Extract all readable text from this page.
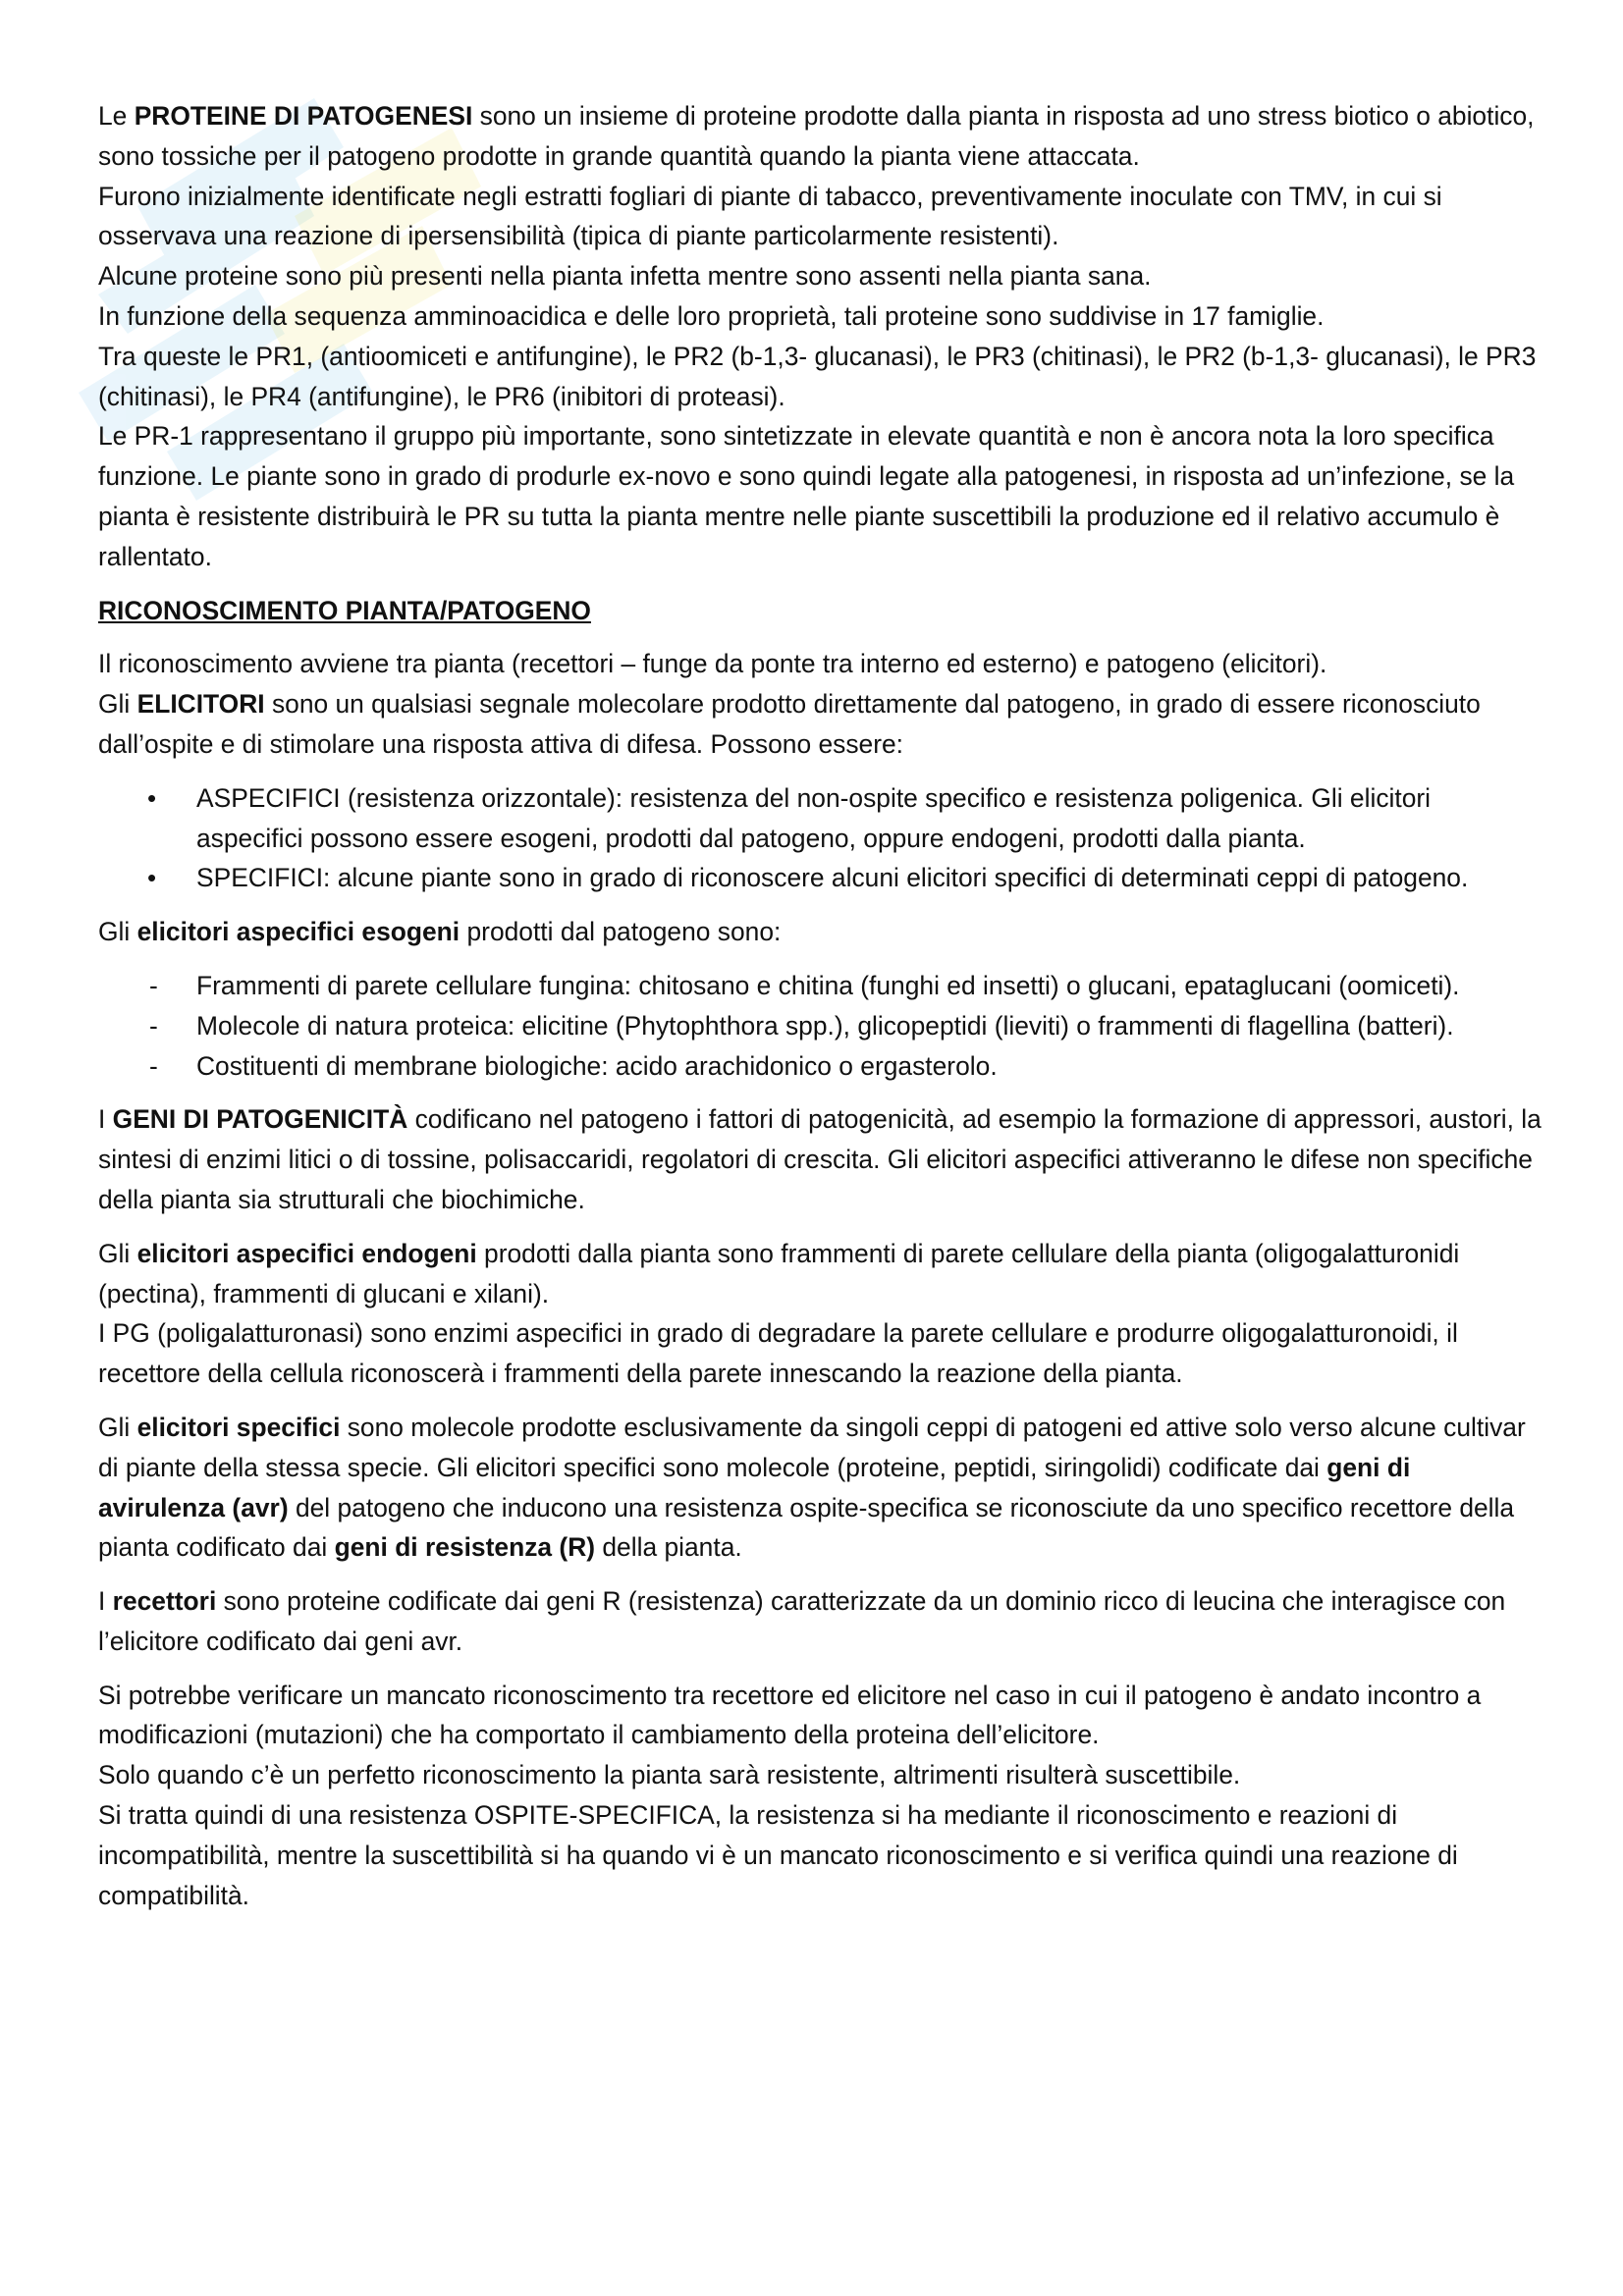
Le PROTEINE DI PATOGENESI sono un insieme di proteine prodotte dalla pianta in risposta ad uno stress biotico o abiotico, sono tossiche per il patogeno prodotte in grande quantità quando la pianta viene attaccata.

Furono inizialmente identificate negli estratti fogliari di piante di tabacco, preventivamente inoculate con TMV, in cui si osservava una reazione di ipersensibilità (tipica di piante particolarmente resistenti).

Alcune proteine sono più presenti nella pianta infetta mentre sono assenti nella pianta sana.

In funzione della sequenza amminoacidica e delle loro proprietà, tali proteine sono suddivise in 17 famiglie.

Tra queste le PR1, (antioomiceti e antifungine), le PR2 (b-1,3- glucanasi), le PR3 (chitinasi), le PR2 (b-1,3- glucanasi), le PR3 (chitinasi), le PR4 (antifungine), le PR6 (inibitori di proteasi).

Le PR-1 rappresentano il gruppo più importante, sono sintetizzate in elevate quantità e non è ancora nota la loro specifica funzione. Le piante sono in grado di produrle ex-novo e sono quindi legate alla patogenesi, in risposta ad un’infezione, se la pianta è resistente distribuirà le PR su tutta la pianta mentre nelle piante suscettibili la produzione ed il relativo accumulo è rallentato.

RICONOSCIMENTO PIANTA/PATOGENO

Il riconoscimento avviene tra pianta (recettori – funge da ponte tra interno ed esterno) e patogeno (elicitori).

Gli ELICITORI sono un qualsiasi segnale molecolare prodotto direttamente dal patogeno, in grado di essere riconosciuto dall’ospite e di stimolare una risposta attiva di difesa. Possono essere:

• ASPECIFICI (resistenza orizzontale): resistenza del non-ospite specifico e resistenza poligenica. Gli elicitori aspecifici possono essere esogeni, prodotti dal patogeno, oppure endogeni, prodotti dalla pianta.
• SPECIFICI: alcune piante sono in grado di riconoscere alcuni elicitori specifici di determinati ceppi di patogeno.

Gli elicitori aspecifici esogeni prodotti dal patogeno sono:

- Frammenti di parete cellulare fungina: chitosano e chitina (funghi ed insetti) o glucani, epataglucani (oomiceti).
- Molecole di natura proteica: elicitine (Phytophthora spp.), glicopeptidi (lieviti) o frammenti di flagellina (batteri).
- Costituenti di membrane biologiche: acido arachidonico o ergasterolo.

I GENI DI PATOGENICITÀ codificano nel patogeno i fattori di patogenicità, ad esempio la formazione di appressori, austori, la sintesi di enzimi litici o di tossine, polisaccaridi, regolatori di crescita. Gli elicitori aspecifici attiveranno le difese non specifiche della pianta sia strutturali che biochimiche.

Gli elicitori aspecifici endogeni prodotti dalla pianta sono frammenti di parete cellulare della pianta (oligogalatturonidi (pectina), frammenti di glucani e xilani).

I PG (poligalatturonasi) sono enzimi aspecifici in grado di degradare la parete cellulare e produrre oligogalatturonoidi, il recettore della cellula riconoscerà i frammenti della parete innescando la reazione della pianta.

Gli elicitori specifici sono molecole prodotte esclusivamente da singoli ceppi di patogeni ed attive solo verso alcune cultivar di piante della stessa specie. Gli elicitori specifici sono molecole (proteine, peptidi, siringolidi) codificate dai geni di avirulenza (avr) del patogeno che inducono una resistenza ospite-specifica se riconosciute da uno specifico recettore della pianta codificato dai geni di resistenza (R) della pianta.

I recettori sono proteine codificate dai geni R (resistenza) caratterizzate da un dominio ricco di leucina che interagisce con l’elicitore codificato dai geni avr.

Si potrebbe verificare un mancato riconoscimento tra recettore ed elicitore nel caso in cui il patogeno è andato incontro a modificazioni (mutazioni) che ha comportato il cambiamento della proteina dell’elicitore.

Solo quando c’è un perfetto riconoscimento la pianta sarà resistente, altrimenti risulterà suscettibile.

Si tratta quindi di una resistenza OSPITE-SPECIFICA, la resistenza si ha mediante il riconoscimento e reazioni di incompatibilità, mentre la suscettibilità si ha quando vi è un mancato riconoscimento e si verifica quindi una reazione di compatibilità.
